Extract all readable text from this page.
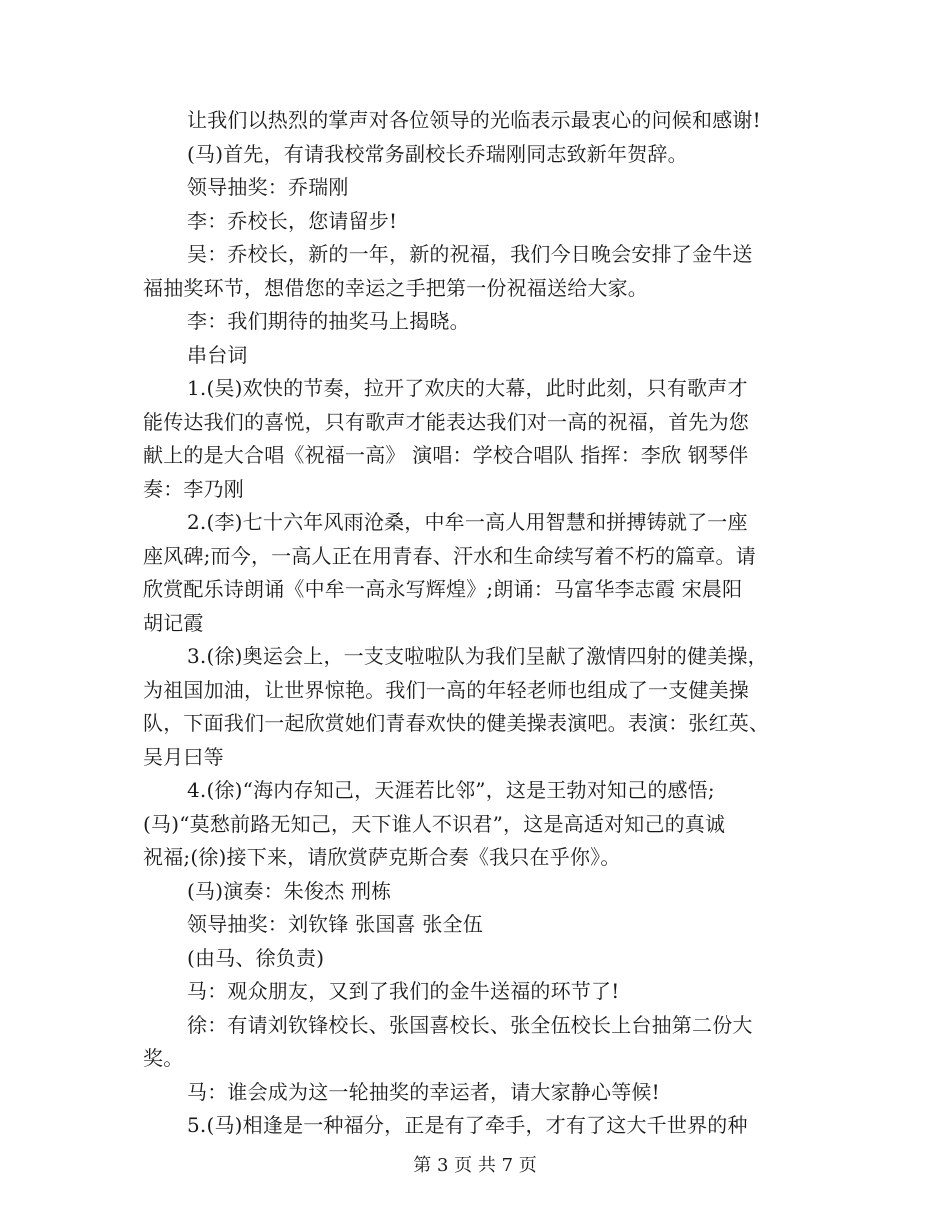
让我们以热烈的掌声对各位领导的光临表示最衷心的问候和感谢!
(马)首先，有请我校常务副校长乔瑞刚同志致新年贺辞。
领导抽奖：乔瑞刚
李：乔校长，您请留步!
吴：乔校长，新的一年，新的祝福，我们今日晚会安排了金牛送
福抽奖环节，想借您的幸运之手把第一份祝福送给大家。
李：我们期待的抽奖马上揭晓。
串台词
1.(吴)欢快的节奏，拉开了欢庆的大幕，此时此刻，只有歌声才
能传达我们的喜悦，只有歌声才能表达我们对一高的祝福，首先为您
献上的是大合唱《祝福一高》 演唱：学校合唱队 指挥：李欣 钢琴伴
奏：李乃刚
2.(李)七十六年风雨沧桑，中牟一高人用智慧和拼搏铸就了一座
座风碑;而今，一高人正在用青春、汗水和生命续写着不朽的篇章。请
欣赏配乐诗朗诵《中牟一高永写辉煌》;朗诵：马富华李志霞 宋晨阳
胡记霞
3.(徐)奥运会上，一支支啦啦队为我们呈献了激情四射的健美操，
为祖国加油，让世界惊艳。我们一高的年轻老师也组成了一支健美操
队，下面我们一起欣赏她们青春欢快的健美操表演吧。表演：张红英、
吴月曰等
4.(徐)“海内存知己，天涯若比邻”，这是王勃对知己的感悟;
(马)“莫愁前路无知己，天下谁人不识君”，这是高适对知己的真诚
祝福;(徐)接下来，请欣赏萨克斯合奏《我只在乎你》。
(马)演奏：朱俊杰 刑栋
领导抽奖：刘钦锋 张国喜 张全伍
(由马、徐负责)
马：观众朋友，又到了我们的金牛送福的环节了!
徐：有请刘钦锋校长、张国喜校长、张全伍校长上台抽第二份大
奖。
马：谁会成为这一轮抽奖的幸运者，请大家静心等候!
5.(马)相逢是一种福分，正是有了牵手，才有了这大千世界的种
第 3 页 共 7 页
